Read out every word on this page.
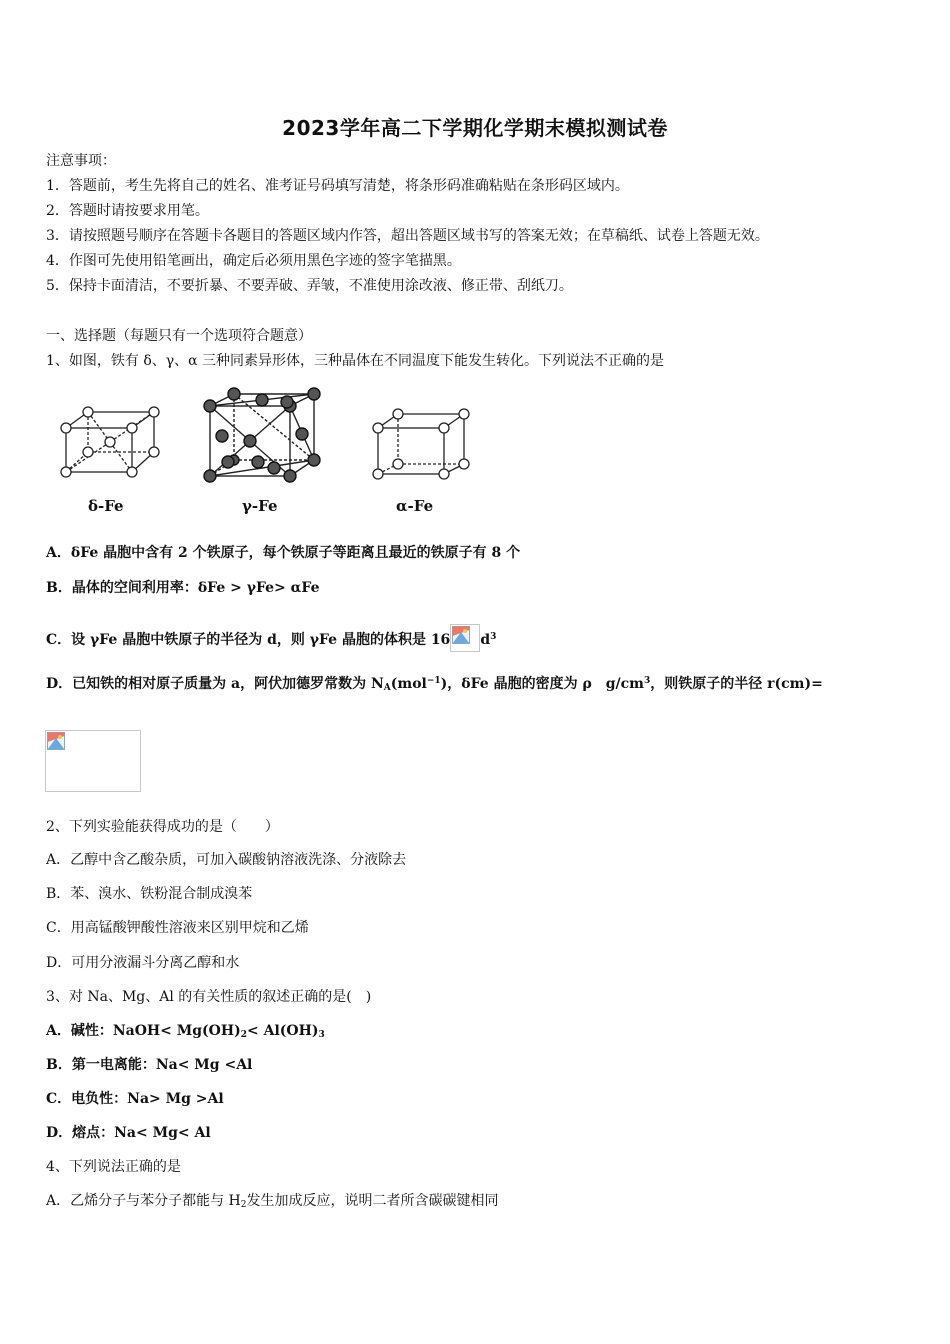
2023学年高二下学期化学期末模拟测试卷
注意事项：
1．答题前，考生先将自己的姓名、准考证号码填写清楚，将条形码准确粘贴在条形码区域内。
2．答题时请按要求用笔。
3．请按照题号顺序在答题卡各题目的答题区域内作答，超出答题区域书写的答案无效；在草稿纸、试卷上答题无效。
4．作图可先使用铅笔画出，确定后必须用黑色字迹的签字笔描黑。
5．保持卡面清洁，不要折暴、不要弄破、弄皱，不准使用涂改液、修正带、刮纸刀。
一、选择题（每题只有一个选项符合题意）
1、如图，铁有 δ、γ、α 三种同素异形体，三种晶体在不同温度下能发生转化。下列说法不正确的是
δ-Fe	γ-Fe	α-Fe
A．δFe 晶胞中含有 2 个铁原子，每个铁原子等距离且最近的铁原子有 8 个
B．晶体的空间利用率：δFe > γFe> αFe
C．设 γFe 晶胞中铁原子的半径为 d，则 γFe 晶胞的体积是 16 $d^3$
D．已知铁的相对原子质量为 a，阿伏加德罗常数为 $N_A(mol^{-1})$，δFe 晶胞的密度为 ρ　$g/cm^3$，则铁原子的半径 r(cm)=
2、下列实验能获得成功的是（　　）
A．乙醇中含乙酸杂质，可加入碳酸钠溶液洗涤、分液除去
B．苯、溴水、铁粉混合制成溴苯
C．用高锰酸钾酸性溶液来区别甲烷和乙烯
D．可用分液漏斗分离乙醇和水
3、对 Na、Mg、Al 的有关性质的叙述正确的是(　)
A．碱性：NaOH< $Mg(OH)_2< Al(OH)_3$
B．第一电离能：Na< Mg <Al
C．电负性：Na> Mg >Al
D．熔点：Na< Mg< Al
4、下列说法正确的是
A．乙烯分子与苯分子都能与 $H_2$发生加成反应，说明二者所含碳碳键相同
